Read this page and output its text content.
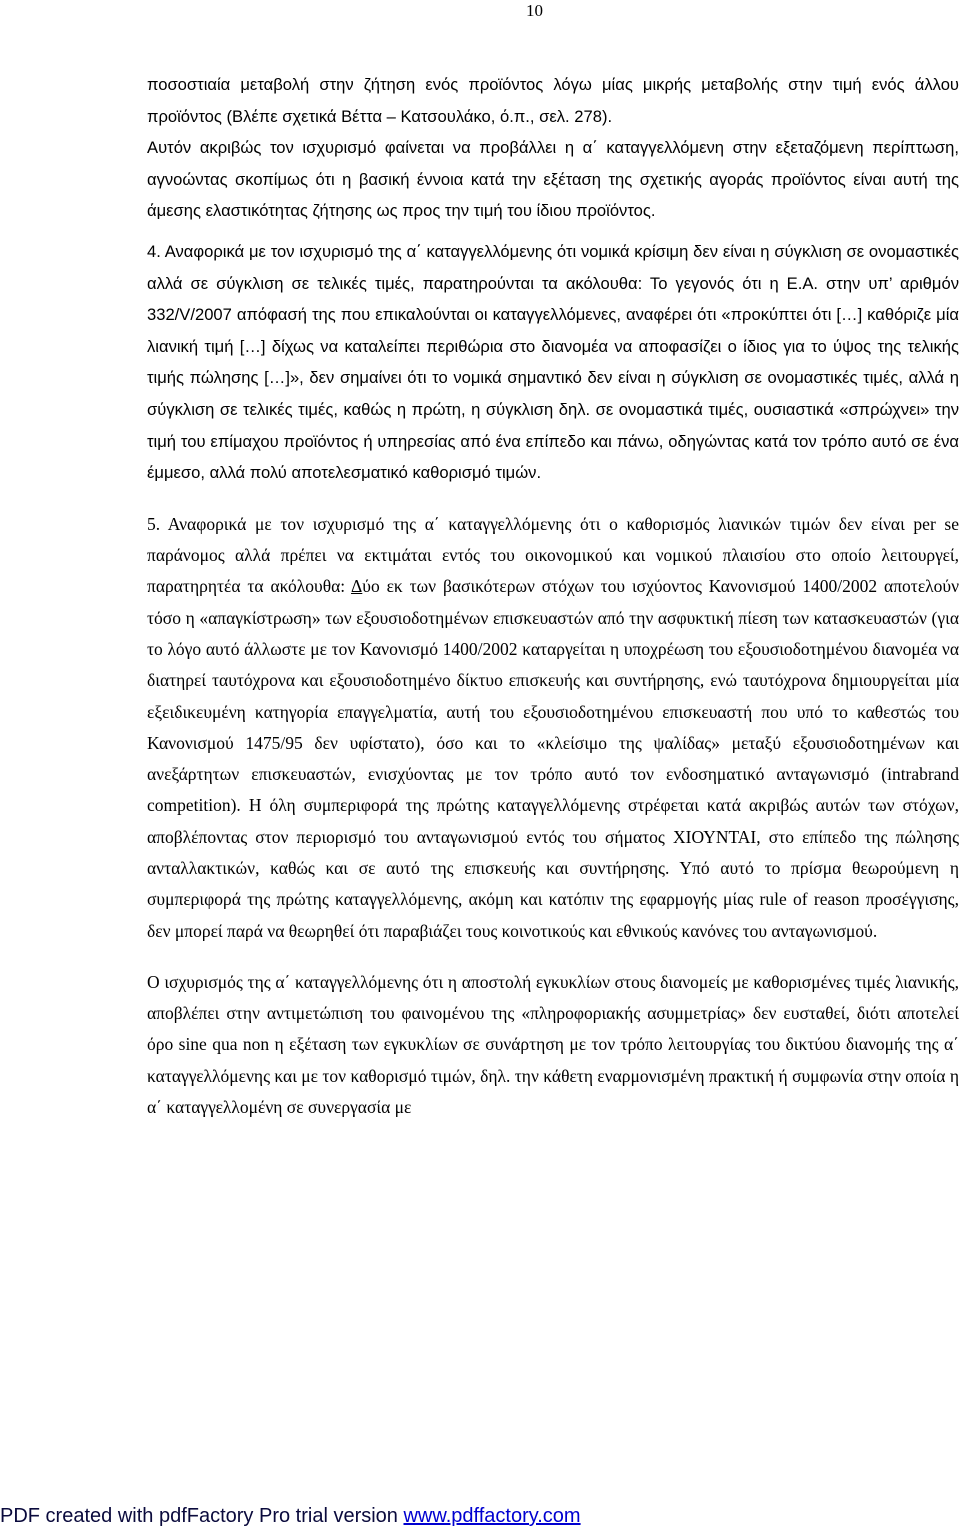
10

ποσοστιαία μεταβολή στην ζήτηση ενός προϊόντος λόγω μίας μικρής μεταβολής στην τιμή ενός άλλου προϊόντος (Βλέπε σχετικά Βέττα – Κατσουλάκο, ό.π., σελ. 278).

Αυτόν ακριβώς τον ισχυρισμό φαίνεται να προβάλλει η α΄ καταγγελλόμενη στην εξεταζόμενη περίπτωση, αγνοώντας σκοπίμως ότι η βασική έννοια κατά την εξέταση της σχετικής αγοράς προϊόντος είναι αυτή της άμεσης ελαστικότητας ζήτησης ως προς την τιμή του ίδιου προϊόντος.

4. Αναφορικά με τον ισχυρισμό της α΄ καταγγελλόμενης ότι νομικά κρίσιμη δεν είναι η σύγκλιση σε ονομαστικές αλλά σε σύγκλιση σε τελικές τιμές, παρατηρούνται τα ακόλουθα: Το γεγονός ότι η Ε.Α. στην υπ’ αριθμόν 332/V/2007 απόφασή της που επικαλούνται οι καταγγελλόμενες, αναφέρει ότι «προκύπτει ότι […] καθόριζε μία λιανική τιμή […] δίχως να καταλείπει περιθώρια στο διανομέα να αποφασίζει ο ίδιος για το ύψος της τελικής τιμής πώλησης […]», δεν σημαίνει ότι το νομικά σημαντικό δεν είναι η σύγκλιση σε ονομαστικές τιμές, αλλά η σύγκλιση σε τελικές τιμές, καθώς η πρώτη, η σύγκλιση δηλ. σε ονομαστικά τιμές, ουσιαστικά «σπρώχνει» την τιμή του επίμαχου προϊόντος ή υπηρεσίας από ένα επίπεδο και πάνω, οδηγώντας κατά τον τρόπο αυτό σε ένα έμμεσο, αλλά πολύ αποτελεσματικό καθορισμό τιμών.

5. Αναφορικά με τον ισχυρισμό της α΄ καταγγελλόμενης ότι ο καθορισμός λιανικών τιμών δεν είναι per se παράνομος αλλά πρέπει να εκτιμάται εντός του οικονομικού και νομικού πλαισίου στο οποίο λειτουργεί, παρατηρητέα τα ακόλουθα: Δύο εκ των βασικότερων στόχων του ισχύοντος Κανονισμού 1400/2002 αποτελούν τόσο η «απαγκίστρωση» των εξουσιοδοτημένων επισκευαστών από την ασφυκτική πίεση των κατασκευαστών (για το λόγο αυτό άλλωστε με τον Κανονισμό 1400/2002 καταργείται η υποχρέωση του εξουσιοδοτημένου διανομέα να διατηρεί ταυτόχρονα και εξουσιοδοτημένο δίκτυο επισκευής και συντήρησης, ενώ ταυτόχρονα δημιουργείται μία εξειδικευμένη κατηγορία επαγγελματία, αυτή του εξουσιοδοτημένου επισκευαστή που υπό το καθεστώς του Κανονισμού 1475/95 δεν υφίστατο), όσο και το «κλείσιμο της ψαλίδας» μεταξύ εξουσιοδοτημένων και ανεξάρτητων επισκευαστών, ενισχύοντας με τον τρόπο αυτό τον ενδοσηματικό ανταγωνισμό (intrabrand competition). Η όλη συμπεριφορά της πρώτης καταγγελλόμενης στρέφεται κατά ακριβώς αυτών των στόχων, αποβλέποντας στον περιορισμό του ανταγωνισμού εντός του σήματος ΧΙΟΥΝΤΑΙ, στο επίπεδο της πώλησης ανταλλακτικών, καθώς και σε αυτό της επισκευής και συντήρησης. Υπό αυτό το πρίσμα θεωρούμενη η συμπεριφορά της πρώτης καταγγελλόμενης, ακόμη και κατόπιν της εφαρμογής μίας rule of reason προσέγγισης, δεν μπορεί παρά να θεωρηθεί ότι παραβιάζει τους κοινοτικούς και εθνικούς κανόνες του ανταγωνισμού.

Ο ισχυρισμός της α΄ καταγγελλόμενης ότι η αποστολή εγκυκλίων στους διανομείς με καθορισμένες τιμές λιανικής, αποβλέπει στην αντιμετώπιση του φαινομένου της «πληροφοριακής ασυμμετρίας» δεν ευσταθεί, διότι αποτελεί όρο sine qua non η εξέταση των εγκυκλίων σε συνάρτηση με τον τρόπο λειτουργίας του δικτύου διανομής της α΄ καταγγελλόμενης και με τον καθορισμό τιμών, δηλ. την κάθετη εναρμονισμένη πρακτική ή συμφωνία στην οποία η α΄ καταγγελλομένη σε συνεργασία με

PDF created with pdfFactory Pro trial version www.pdffactory.com
